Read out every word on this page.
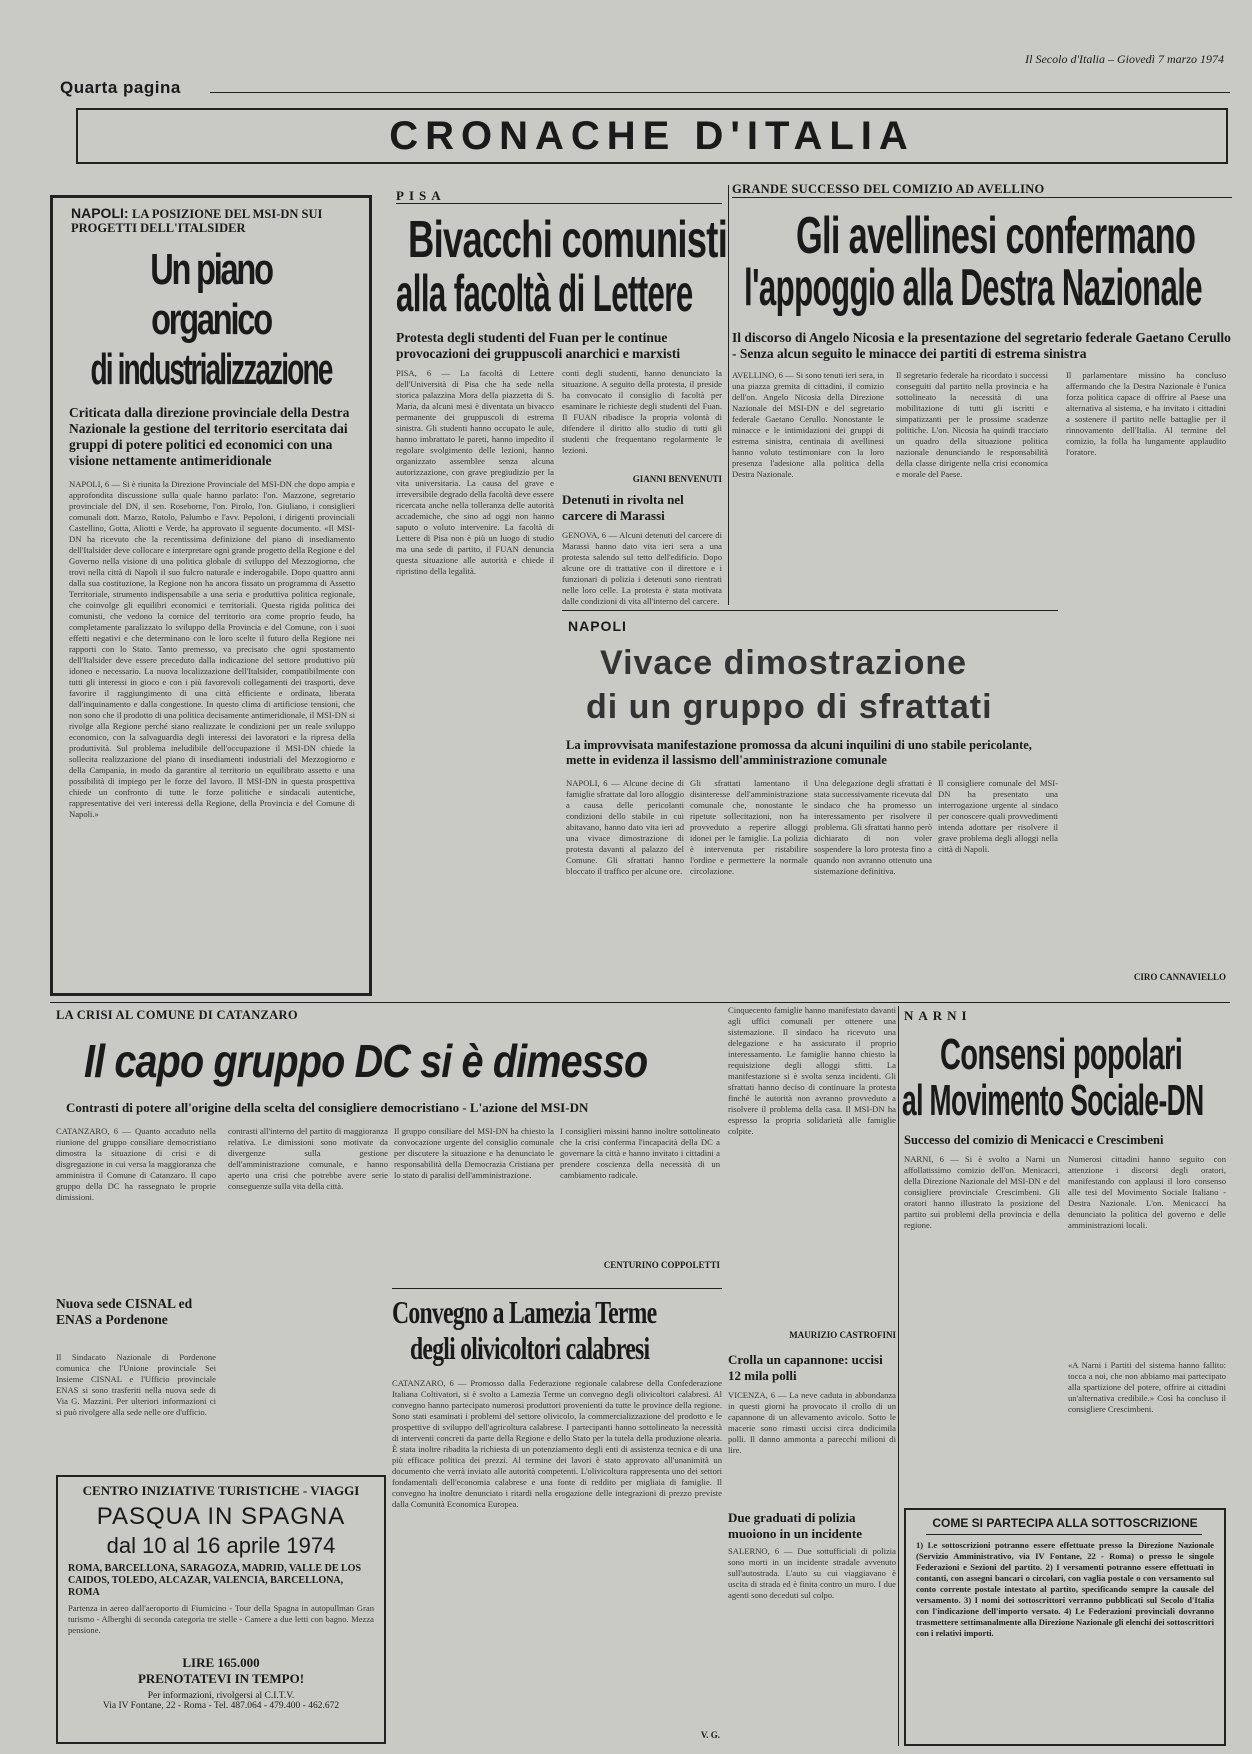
Quarta pagina
Il Secolo d'Italia – Giovedì 7 marzo 1974
CRONACHE D'ITALIA
NAPOLI: LA POSIZIONE DEL MSI-DN SUI PROGETTI DELL'ITALSIDER
Un piano organico
di industrializzazione
Criticata dalla direzione provinciale della Destra Nazionale la gestione del territorio esercitata dai gruppi di potere politici ed economici con una visione nettamente antimeridionale
NAPOLI, 6 — Si è riunita la Direzione Provinciale del MSI-DN che dopo ampia e approfondita discussione sulla quale hanno parlato: l'on. Mazzone, segretario provinciale del DN, il sen. Roseborne, l'on. Pirolo, l'on. Giuliano, i consiglieri comunali dott. Marzo, Rotolo, Palumbo e l'avv. Pepoloni, i dirigenti provinciali Castellino, Gotta, Aliotti e Verde, ha approvato il seguente documento. «Il MSI-DN ha ricevuto che la recentissima definizione del piano di insediamento dell'Italsider deve collocare e interpretare ogni grande progetto della Regione e del Governo nella visione di una politica globale di sviluppo del Mezzogiorno, che trovi nella città di Napoli il suo fulcro naturale e inderogabile. Dopo quattro anni dalla sua costituzione, la Regione non ha ancora fissato un programma di Assetto Territoriale, strumento indispensabile a una seria e produttiva politica regionale, che coinvolge gli equilibri economici e territoriali. Questa rigida politica dei comunisti, che vedono la cornice del territorio ora come proprio feudo, ha completamente paralizzato lo sviluppo della Provincia e del Comune, con i suoi effetti negativi e che determinano con le loro scelte il futuro della Regione nei rapporti con lo Stato. Tanto premesso, va precisato che ogni spostamento dell'Italsider deve essere preceduto dalla indicazione del settore produttivo più idoneo e necessario. La nuova localizzazione dell'Italsider, compatibilmente con tutti gli interessi in gioco e con i più favorevoli collegamenti dei trasporti, deve favorire il raggiungimento di una città efficiente e ordinata, liberata dall'inquinamento e dalla congestione. In questo clima di artificiose tensioni, che non sono che il prodotto di una politica decisamente antimeridionale, il MSI-DN si rivolge alla Regione perché siano realizzate le condizioni per un reale sviluppo economico, con la salvaguardia degli interessi dei lavoratori e la ripresa della produttività. Sul problema ineludibile dell'occupazione il MSI-DN chiede la sollecita realizzazione del piano di insediamenti industriali del Mezzogiorno e della Campania, in modo da garantire al territorio un equilibrato assetto e una possibilità di impiego per le forze del lavoro. Il MSI-DN in questa prospettiva chiede un confronto di tutte le forze politiche e sindacali autentiche, rappresentative dei veri interessi della Regione, della Provincia e del Comune di Napoli.»
PISA
Bivacchi comunisti
alla facoltà di Lettere
Protesta degli studenti del Fuan per le continue provocazioni dei gruppuscoli anarchici e marxisti
PISA, 6 — La facoltà di Lettere dell'Università di Pisa che ha sede nella storica palazzina Mora della piazzetta di S. Maria, da alcuni mesi è diventata un bivacco permanente dei gruppuscoli di estrema sinistra. Gli studenti hanno occupato le aule, hanno imbrattato le pareti, hanno impedito il regolare svolgimento delle lezioni, hanno organizzato assemblee senza alcuna autorizzazione, con grave pregiudizio per la vita universitaria. La causa del grave e irreversibile degrado della facoltà deve essere ricercata anche nella tolleranza delle autorità accademiche, che sino ad oggi non hanno saputo o voluto intervenire. La facoltà di Lettere di Pisa non è più un luogo di studio ma una sede di partito, il FUAN denuncia questa situazione alle autorità e chiede il ripristino della legalità.
conti degli studenti, hanno denunciato la situazione. A seguito della protesta, il preside ha convocato il consiglio di facoltà per esaminare le richieste degli studenti del Fuan. Il FUAN ribadisce la propria volontà di difendere il diritto allo studio di tutti gli studenti che frequentano regolarmente le lezioni.
GIANNI BENVENUTI
Detenuti in rivolta nel carcere di Marassi
GENOVA, 6 — Alcuni detenuti del carcere di Marassi hanno dato vita ieri sera a una protesta salendo sul tetto dell'edificio. Dopo alcune ore di trattative con il direttore e i funzionari di polizia i detenuti sono rientrati nelle loro celle. La protesta è stata motivata dalle condizioni di vita all'interno del carcere.
GRANDE SUCCESSO DEL COMIZIO AD AVELLINO
Gli avellinesi confermano
l'appoggio alla Destra Nazionale
Il discorso di Angelo Nicosia e la presentazione del segretario federale Gaetano Cerullo - Senza alcun seguito le minacce dei partiti di estrema sinistra
AVELLINO, 6 — Si sono tenuti ieri sera, in una piazza gremita di cittadini, il comizio dell'on. Angelo Nicosia della Direzione Nazionale del MSI-DN e del segretario federale Gaetano Cerullo. Nonostante le minacce e le intimidazioni dei gruppi di estrema sinistra, centinaia di avellinesi hanno voluto testimoniare con la loro presenza l'adesione alla politica della Destra Nazionale.
Il segretario federale ha ricordato i successi conseguiti dal partito nella provincia e ha sottolineato la necessità di una mobilitazione di tutti gli iscritti e simpatizzanti per le prossime scadenze politiche. L'on. Nicosia ha quindi tracciato un quadro della situazione politica nazionale denunciando le responsabilità della classe dirigente nella crisi economica e morale del Paese.
Il parlamentare missino ha concluso affermando che la Destra Nazionale è l'unica forza politica capace di offrire al Paese una alternativa al sistema, e ha invitato i cittadini a sostenere il partito nelle battaglie per il rinnovamento dell'Italia. Al termine del comizio, la folla ha lungamente applaudito l'oratore.
CIRO CANNAVIELLO
NAPOLI
Vivace dimostrazione
di un gruppo di sfrattati
La improvvisata manifestazione promossa da alcuni inquilini di uno stabile pericolante, mette in evidenza il lassismo dell'amministrazione comunale
NAPOLI, 6 — Alcune decine di famiglie sfrattate dal loro alloggio a causa delle pericolanti condizioni dello stabile in cui abitavano, hanno dato vita ieri ad una vivace dimostrazione di protesta davanti al palazzo del Comune. Gli sfrattati hanno bloccato il traffico per alcune ore.
Gli sfrattati lamentano il disinteresse dell'amministrazione comunale che, nonostante le ripetute sollecitazioni, non ha provveduto a reperire alloggi idonei per le famiglie. La polizia è intervenuta per ristabilire l'ordine e permettere la normale circolazione.
Una delegazione degli sfrattati è stata successivamente ricevuta dal sindaco che ha promesso un interessamento per risolvere il problema. Gli sfrattati hanno però dichiarato di non voler sospendere la loro protesta fino a quando non avranno ottenuto una sistemazione definitiva.
Il consigliere comunale del MSI-DN ha presentato una interrogazione urgente al sindaco per conoscere quali provvedimenti intenda adottare per risolvere il grave problema degli alloggi nella città di Napoli.
LA CRISI AL COMUNE DI CATANZARO
Il capo gruppo DC si è dimesso
Contrasti di potere all'origine della scelta del consigliere democristiano - L'azione del MSI-DN
CATANZARO, 6 — Quanto accaduto nella riunione del gruppo consiliare democristiano dimostra la situazione di crisi e di disgregazione in cui versa la maggioranza che amministra il Comune di Catanzaro. Il capo gruppo della DC ha rassegnato le proprie dimissioni.
contrasti all'interno del partito di maggioranza relativa. Le dimissioni sono motivate da divergenze sulla gestione dell'amministrazione comunale, e hanno aperto una crisi che potrebbe avere serie conseguenze sulla vita della città.
Il gruppo consiliare del MSI-DN ha chiesto la convocazione urgente del consiglio comunale per discutere la situazione e ha denunciato le responsabilità della Democrazia Cristiana per lo stato di paralisi dell'amministrazione.
I consiglieri missini hanno inoltre sottolineato che la crisi conferma l'incapacità della DC a governare la città e hanno invitato i cittadini a prendere coscienza della necessità di un cambiamento radicale.
CENTURINO COPPOLETTI
Nuova sede CISNAL ed ENAS a Pordenone
Il Sindacato Nazionale di Pordenone comunica che l'Unione provinciale Sei Insieme CISNAL e l'Ufficio provinciale ENAS si sono trasferiti nella nuova sede di Via G. Mazzini. Per ulteriori informazioni ci si può rivolgere alla sede nelle ore d'ufficio.
CENTRO INIZIATIVE TURISTICHE - VIAGGI
PASQUA IN SPAGNA
dal 10 al 16 aprile 1974
ROMA, BARCELLONA, SARAGOZA, MADRID, VALLE DE LOS CAIDOS, TOLEDO, ALCAZAR, VALENCIA, BARCELLONA, ROMA
Partenza in aereo dall'aeroporto di Fiumicino - Tour della Spagna in autopullman Gran turismo - Alberghi di seconda categoria tre stelle - Camere a due letti con bagno. Mezza pensione.
LIRE 165.000
PRENOTATEVI IN TEMPO!
Per informazioni, rivolgersi al C.I.T.V.
Via IV Fontane, 22 - Roma - Tel. 487.064 - 479.400 - 462.672
Convegno a Lamezia Terme
degli olivicoltori calabresi
CATANZARO, 6 — Promosso dalla Federazione regionale calabrese della Confederazione Italiana Coltivatori, si è svolto a Lamezia Terme un convegno degli olivicoltori calabresi. Al convegno hanno partecipato numerosi produttori provenienti da tutte le province della regione. Sono stati esaminati i problemi del settore olivicolo, la commercializzazione del prodotto e le prospettive di sviluppo dell'agricoltura calabrese. I partecipanti hanno sottolineato la necessità di interventi concreti da parte della Regione e dello Stato per la tutela della produzione olearia. È stata inoltre ribadita la richiesta di un potenziamento degli enti di assistenza tecnica e di una più efficace politica dei prezzi. Al termine dei lavori è stato approvato all'unanimità un documento che verrà inviato alle autorità competenti. L'olivicoltura rappresenta uno dei settori fondamentali dell'economia calabrese e una fonte di reddito per migliaia di famiglie. Il convegno ha inoltre denunciato i ritardi nella erogazione delle integrazioni di prezzo previste dalla Comunità Economica Europea.
V. G.
Cinquecento famiglie hanno manifestato davanti agli uffici comunali per ottenere una sistemazione. Il sindaco ha ricevuto una delegazione e ha assicurato il proprio interessamento. Le famiglie hanno chiesto la requisizione degli alloggi sfitti. La manifestazione si è svolta senza incidenti. Gli sfrattati hanno deciso di continuare la protesta finché le autorità non avranno provveduto a risolvere il problema della casa. Il MSI-DN ha espresso la propria solidarietà alle famiglie colpite.
MAURIZIO CASTROFINI
Crolla un capannone: uccisi 12 mila polli
VICENZA, 6 — La neve caduta in abbondanza in questi giorni ha provocato il crollo di un capannone di un allevamento avicolo. Sotto le macerie sono rimasti uccisi circa dodicimila polli. Il danno ammonta a parecchi milioni di lire.
Due graduati di polizia muoiono in un incidente
SALERNO, 6 — Due sottufficiali di polizia sono morti in un incidente stradale avvenuto sull'autostrada. L'auto su cui viaggiavano è uscita di strada ed è finita contro un muro. I due agenti sono deceduti sul colpo.
NARNI
Consensi popolari
al Movimento Sociale-DN
Successo del comizio di Menicacci e Crescimbeni
NARNI, 6 — Si è svolto a Narni un affollatissimo comizio dell'on. Menicacci, della Direzione Nazionale del MSI-DN e del consigliere provinciale Crescimbeni. Gli oratori hanno illustrato la posizione del partito sui problemi della provincia e della regione.
Numerosi cittadini hanno seguito con attenzione i discorsi degli oratori, manifestando con applausi il loro consenso alle tesi del Movimento Sociale Italiano - Destra Nazionale. L'on. Menicacci ha denunciato la politica del governo e delle amministrazioni locali.
«A Narni i Partiti del sistema hanno fallito: tocca a noi, che non abbiamo mai partecipato alla spartizione del potere, offrire ai cittadini un'alternativa credibile.» Così ha concluso il consigliere Crescimbeni.
COME SI PARTECIPA ALLA SOTTOSCRIZIONE
1) Le sottoscrizioni potranno essere effettuate presso la Direzione Nazionale (Servizio Amministrativo, via IV Fontane, 22 - Roma) o presso le singole Federazioni e Sezioni del partito. 2) I versamenti potranno essere effettuati in contanti, con assegni bancari o circolari, con vaglia postale o con versamento sul conto corrente postale intestato al partito, specificando sempre la causale del versamento. 3) I nomi dei sottoscrittori verranno pubblicati sul Secolo d'Italia con l'indicazione dell'importo versato. 4) Le Federazioni provinciali dovranno trasmettere settimanalmente alla Direzione Nazionale gli elenchi dei sottoscrittori con i relativi importi.
